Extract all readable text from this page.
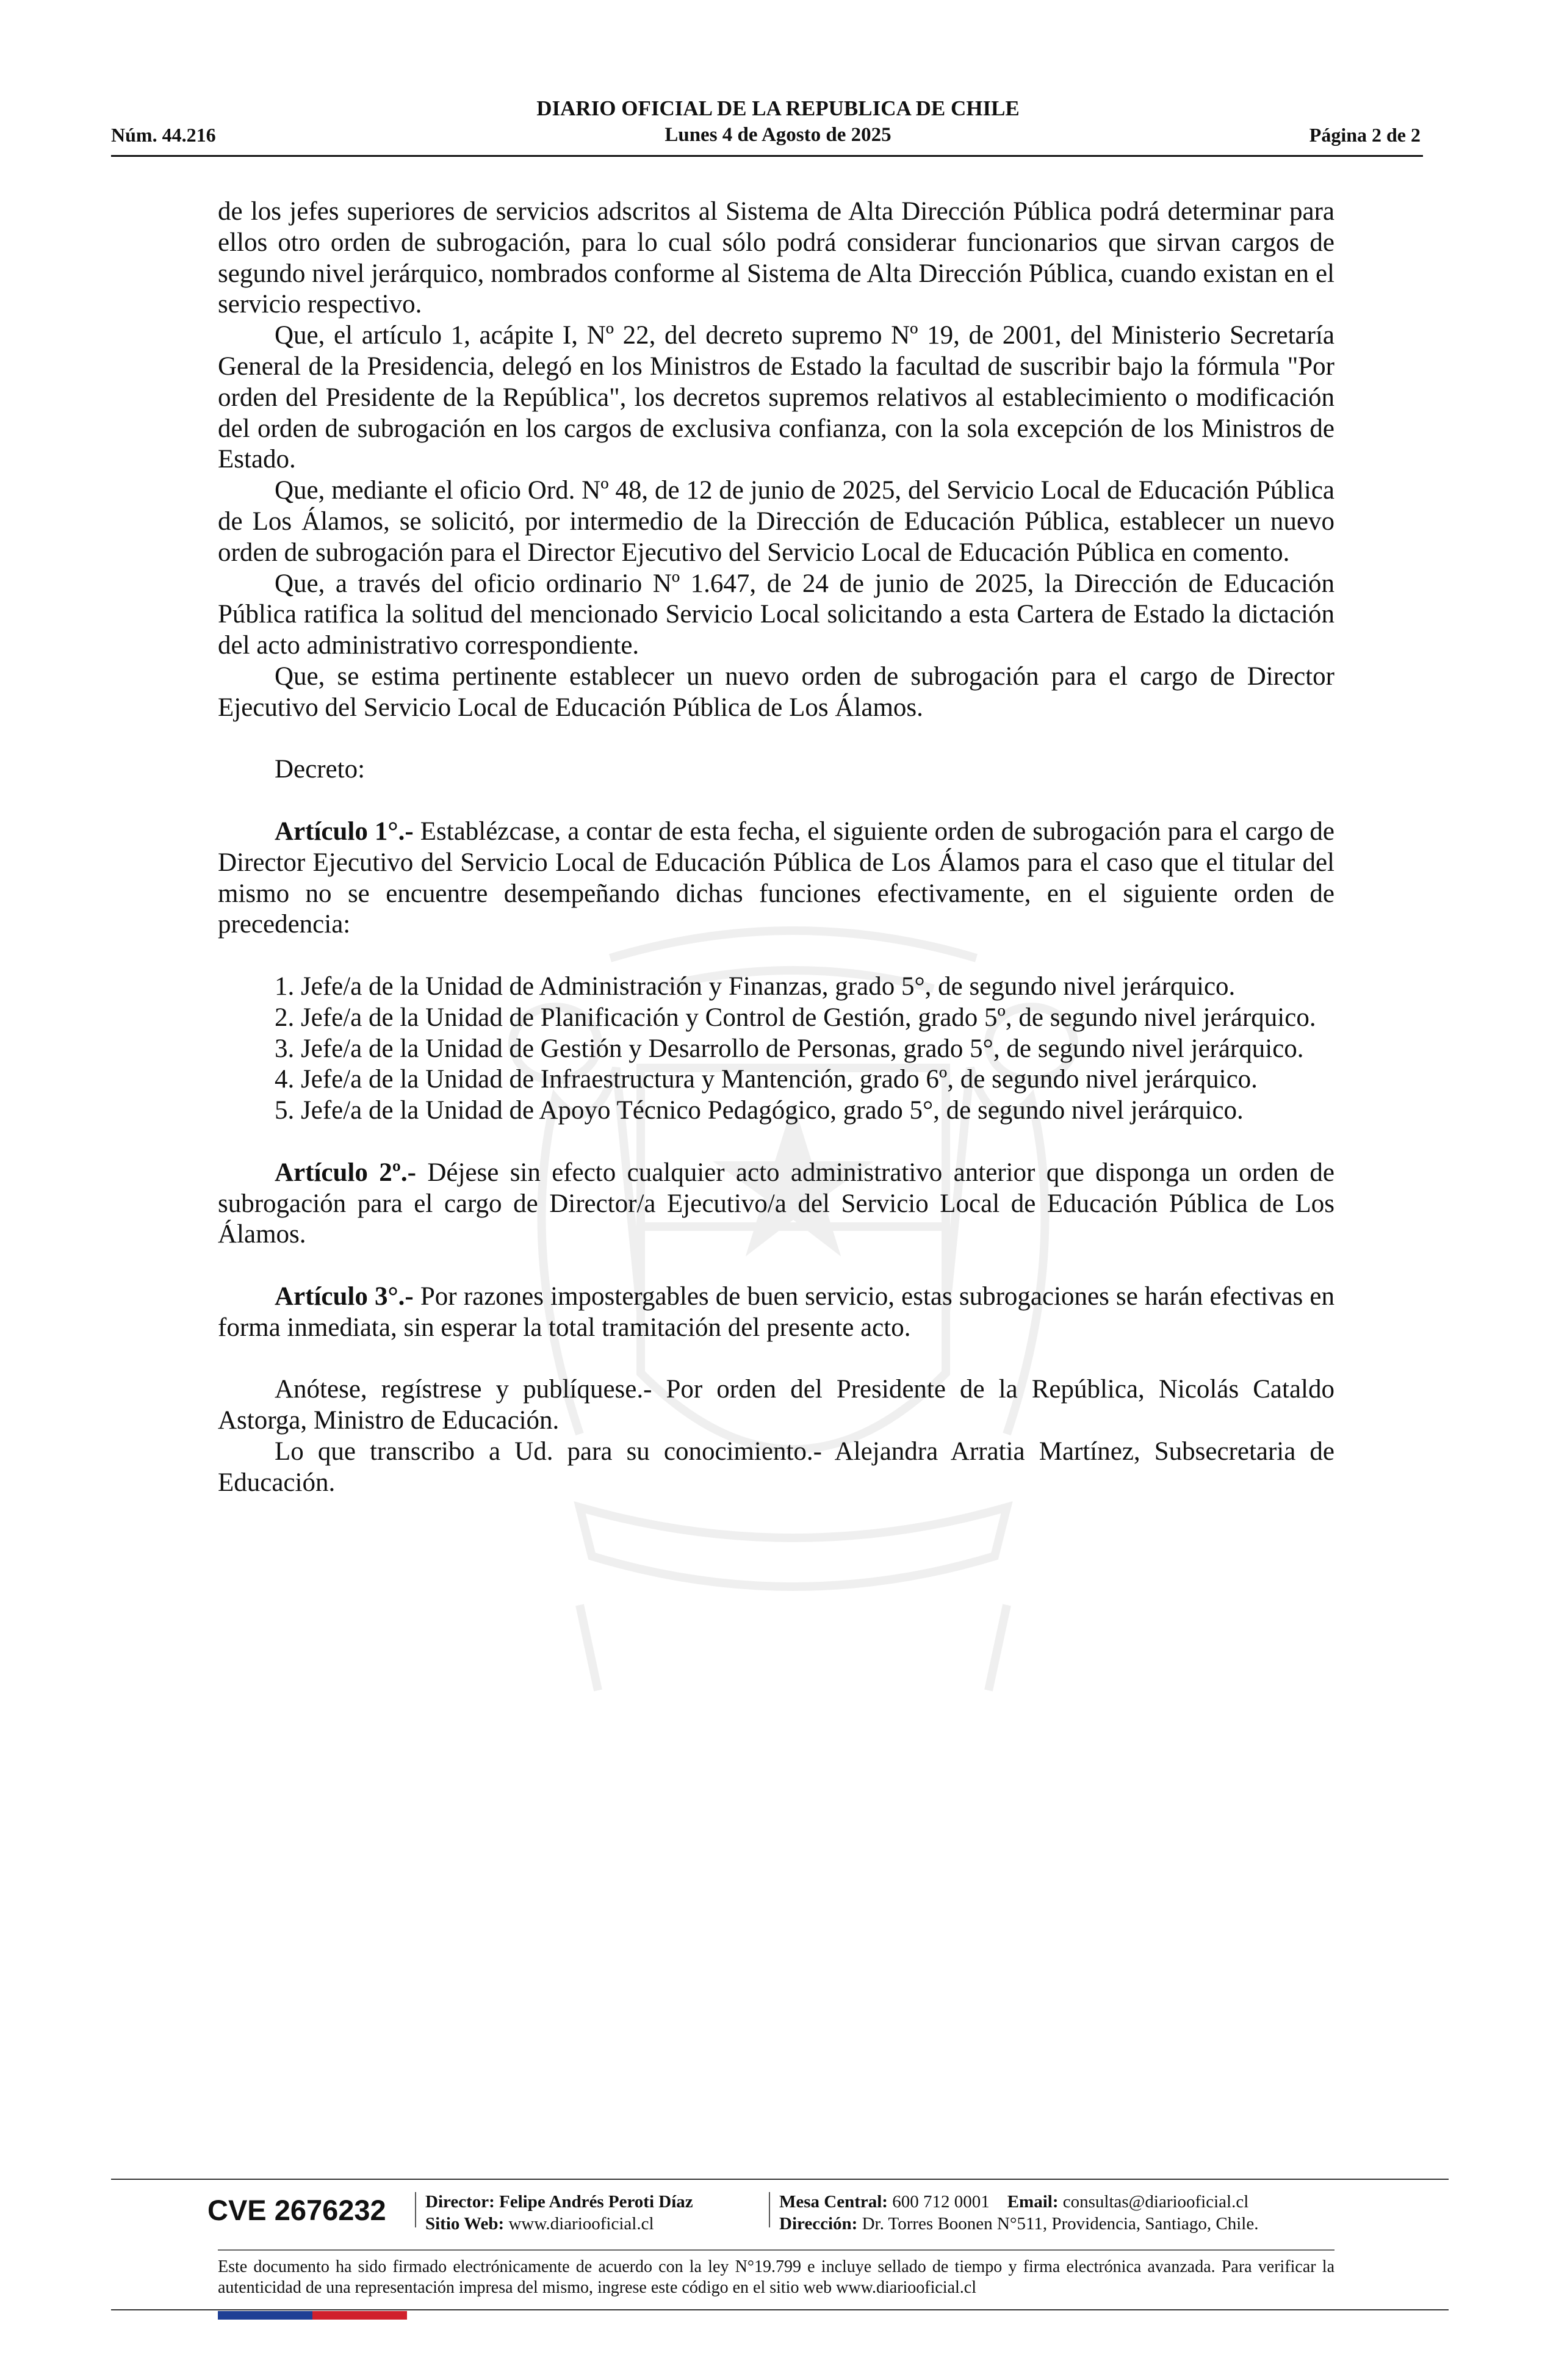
DIARIO OFICIAL DE LA REPUBLICA DE CHILE
Lunes 4 de Agosto de 2025
Núm. 44.216	Página 2 de 2

de los jefes superiores de servicios adscritos al Sistema de Alta Dirección Pública podrá determinar para ellos otro orden de subrogación, para lo cual sólo podrá considerar funcionarios que sirvan cargos de segundo nivel jerárquico, nombrados conforme al Sistema de Alta Dirección Pública, cuando existan en el servicio respectivo.

Que, el artículo 1, acápite I, Nº 22, del decreto supremo Nº 19, de 2001, del Ministerio Secretaría General de la Presidencia, delegó en los Ministros de Estado la facultad de suscribir bajo la fórmula "Por orden del Presidente de la República", los decretos supremos relativos al establecimiento o modificación del orden de subrogación en los cargos de exclusiva confianza, con la sola excepción de los Ministros de Estado.

Que, mediante el oficio Ord. Nº 48, de 12 de junio de 2025, del Servicio Local de Educación Pública de Los Álamos, se solicitó, por intermedio de la Dirección de Educación Pública, establecer un nuevo orden de subrogación para el Director Ejecutivo del Servicio Local de Educación Pública en comento.

Que, a través del oficio ordinario Nº 1.647, de 24 de junio de 2025, la Dirección de Educación Pública ratifica la solitud del mencionado Servicio Local solicitando a esta Cartera de Estado la dictación del acto administrativo correspondiente.

Que, se estima pertinente establecer un nuevo orden de subrogación para el cargo de Director Ejecutivo del Servicio Local de Educación Pública de Los Álamos.

Decreto:

Artículo 1°.- Establézcase, a contar de esta fecha, el siguiente orden de subrogación para el cargo de Director Ejecutivo del Servicio Local de Educación Pública de Los Álamos para el caso que el titular del mismo no se encuentre desempeñando dichas funciones efectivamente, en el siguiente orden de precedencia:

1. Jefe/a de la Unidad de Administración y Finanzas, grado 5°, de segundo nivel jerárquico.

2. Jefe/a de la Unidad de Planificación y Control de Gestión, grado 5º, de segundo nivel jerárquico.

3. Jefe/a de la Unidad de Gestión y Desarrollo de Personas, grado 5°, de segundo nivel jerárquico.

4. Jefe/a de la Unidad de Infraestructura y Mantención, grado 6º, de segundo nivel jerárquico.

5. Jefe/a de la Unidad de Apoyo Técnico Pedagógico, grado 5°, de segundo nivel jerárquico.

Artículo 2º.- Déjese sin efecto cualquier acto administrativo anterior que disponga un orden de subrogación para el cargo de Director/a Ejecutivo/a del Servicio Local de Educación Pública de Los Álamos.

Artículo 3°.- Por razones impostergables de buen servicio, estas subrogaciones se harán efectivas en forma inmediata, sin esperar la total tramitación del presente acto.

Anótese, regístrese y publíquese.- Por orden del Presidente de la República, Nicolás Cataldo Astorga, Ministro de Educación.

Lo que transcribo a Ud. para su conocimiento.- Alejandra Arratia Martínez, Subsecretaria de Educación.

CVE 2676232 Director: Felipe Andrés Peroti Díaz
Sitio Web: www.diariooficial.cl
Mesa Central: 600 712 0001 Email: consultas@diariooficial.cl
Dirección: Dr. Torres Boonen N°511, Providencia, Santiago, Chile.
Este documento ha sido firmado electrónicamente de acuerdo con la ley N°19.799 e incluye sellado de tiempo y firma electrónica avanzada. Para verificar la autenticidad de una representación impresa del mismo, ingrese este código en el sitio web www.diariooficial.cl
